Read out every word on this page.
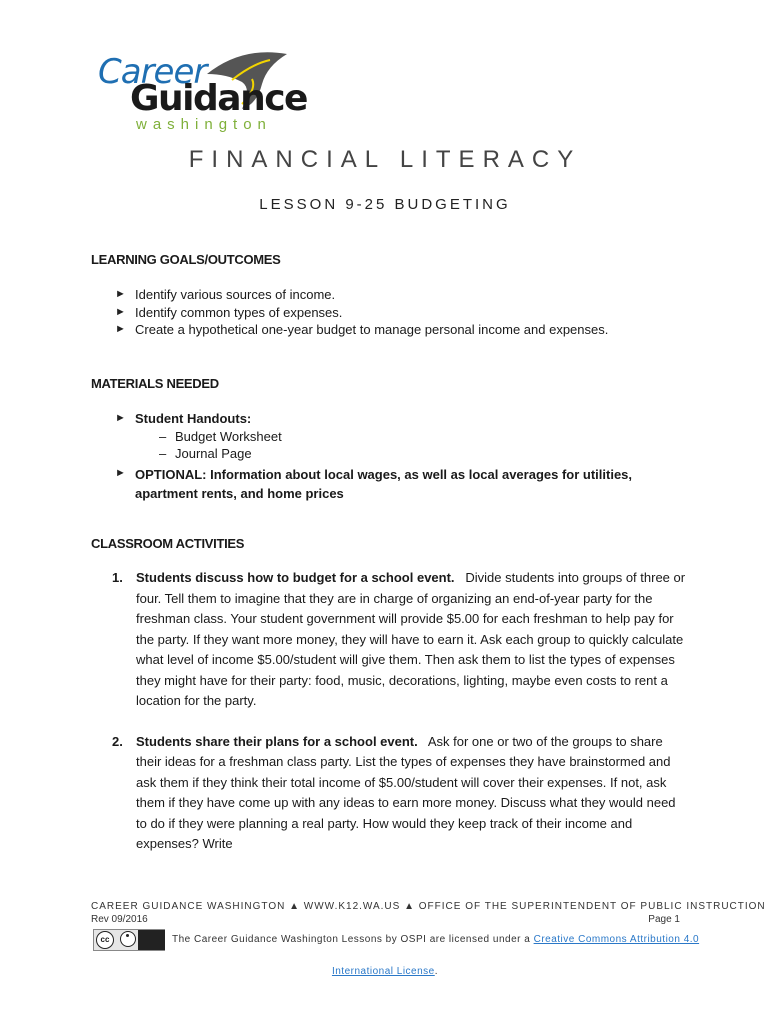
Career
Guidance
washington
FINANCIAL LITERACY
LESSON 9-25 BUDGETING
LEARNING GOALS/OUTCOMES
► Identify various sources of income.
► Identify common types of expenses.
► Create a hypothetical one-year budget to manage personal income and expenses.
MATERIALS NEEDED
► Student Handouts:
– Budget Worksheet
– Journal Page
► OPTIONAL: Information about local wages, as well as local averages for utilities, apartment rents, and home prices
CLASSROOM ACTIVITIES
1. Students discuss how to budget for a school event. Divide students into groups of three or four. Tell them to imagine that they are in charge of organizing an end-of-year party for the freshman class. Your student government will provide $5.00 for each freshman to help pay for the party. If they want more money, they will have to earn it. Ask each group to quickly calculate what level of income $5.00/student will give them. Then ask them to list the types of expenses they might have for their party: food, music, decorations, lighting, maybe even costs to rent a location for the party.
2. Students share their plans for a school event. Ask for one or two of the groups to share their ideas for a freshman class party. List the types of expenses they have brainstormed and ask them if they think their total income of $5.00/student will cover their expenses. If not, ask them if they have come up with any ideas to earn more money. Discuss what they would need to do if they were planning a real party. How would they keep track of their income and expenses? Write
CAREER GUIDANCE WASHINGTON ▲ WWW.K12.WA.US ▲ OFFICE OF THE SUPERINTENDENT OF PUBLIC INSTRUCTION
Rev 09/2016	Page 1
cc	The Career Guidance Washington Lessons by OSPI are licensed under a Creative Commons Attribution 4.0
International License.
